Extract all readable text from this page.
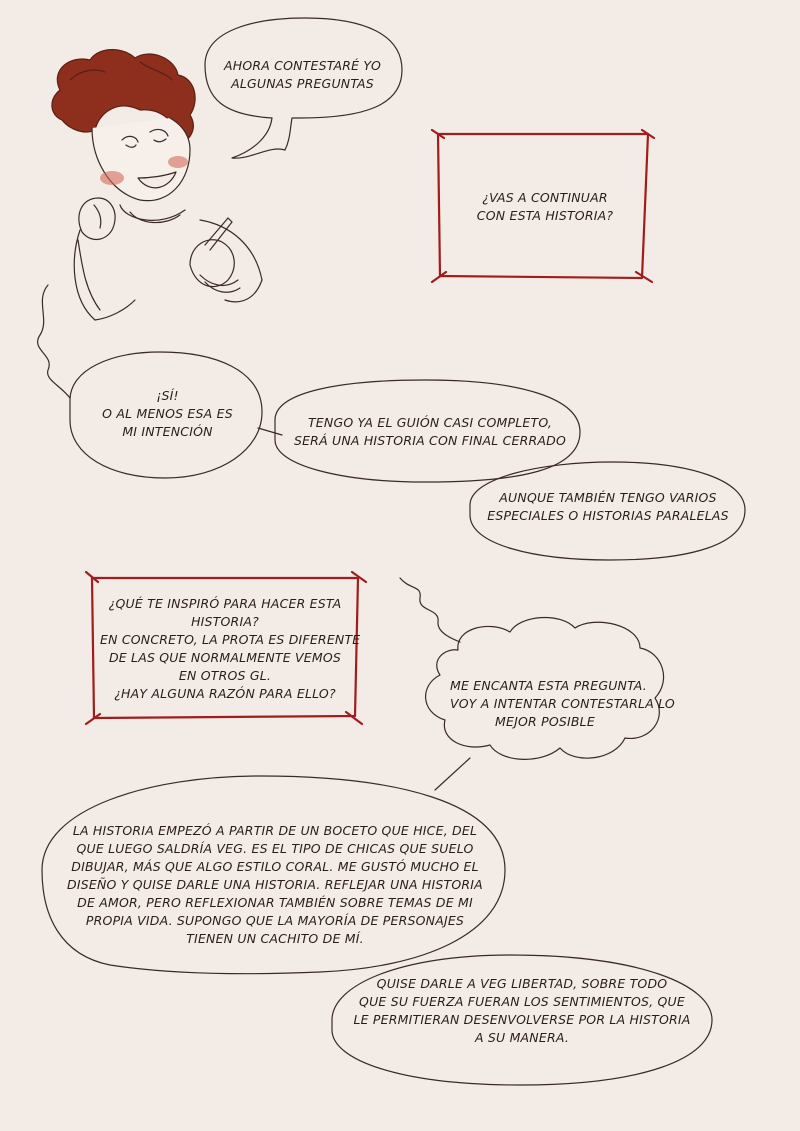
AHORA CONTESTARÉ YO
ALGUNAS PREGUNTAS
¿VAS A CONTINUAR
CON ESTA HISTORIA?
¡SÍ!
O AL MENOS ESA ES
MI INTENCIÓN
TENGO YA EL GUIÓN CASI COMPLETO,
SERÁ UNA HISTORIA CON FINAL CERRADO
AUNQUE TAMBIÉN TENGO VARIOS
ESPECIALES O HISTORIAS PARALELAS
¿QUÉ TE INSPIRÓ PARA HACER ESTA
HISTORIA?
EN CONCRETO, LA PROTA ES DIFERENTE
DE LAS QUE NORMALMENTE VEMOS
EN OTROS GL.
¿HAY ALGUNA RAZÓN PARA ELLO?
ME ENCANTA ESTA PREGUNTA.
VOY A INTENTAR CONTESTARLA LO
MEJOR POSIBLE
LA HISTORIA EMPEZÓ A PARTIR DE UN BOCETO QUE HICE, DEL
QUE LUEGO SALDRÍA VEG. ES EL TIPO DE CHICAS QUE SUELO
DIBUJAR, MÁS QUE ALGO ESTILO CORAL. ME GUSTÓ MUCHO EL
DISEÑO Y QUISE DARLE UNA HISTORIA. REFLEJAR UNA HISTORIA
DE AMOR, PERO REFLEXIONAR TAMBIÉN SOBRE TEMAS DE MI
PROPIA VIDA. SUPONGO QUE LA MAYORÍA DE PERSONAJES
TIENEN UN CACHITO DE MÍ.
QUISE DARLE A VEG LIBERTAD, SOBRE TODO
QUE SU FUERZA FUERAN LOS SENTIMIENTOS, QUE
LE PERMITIERAN DESENVOLVERSE POR LA HISTORIA
A SU MANERA.
